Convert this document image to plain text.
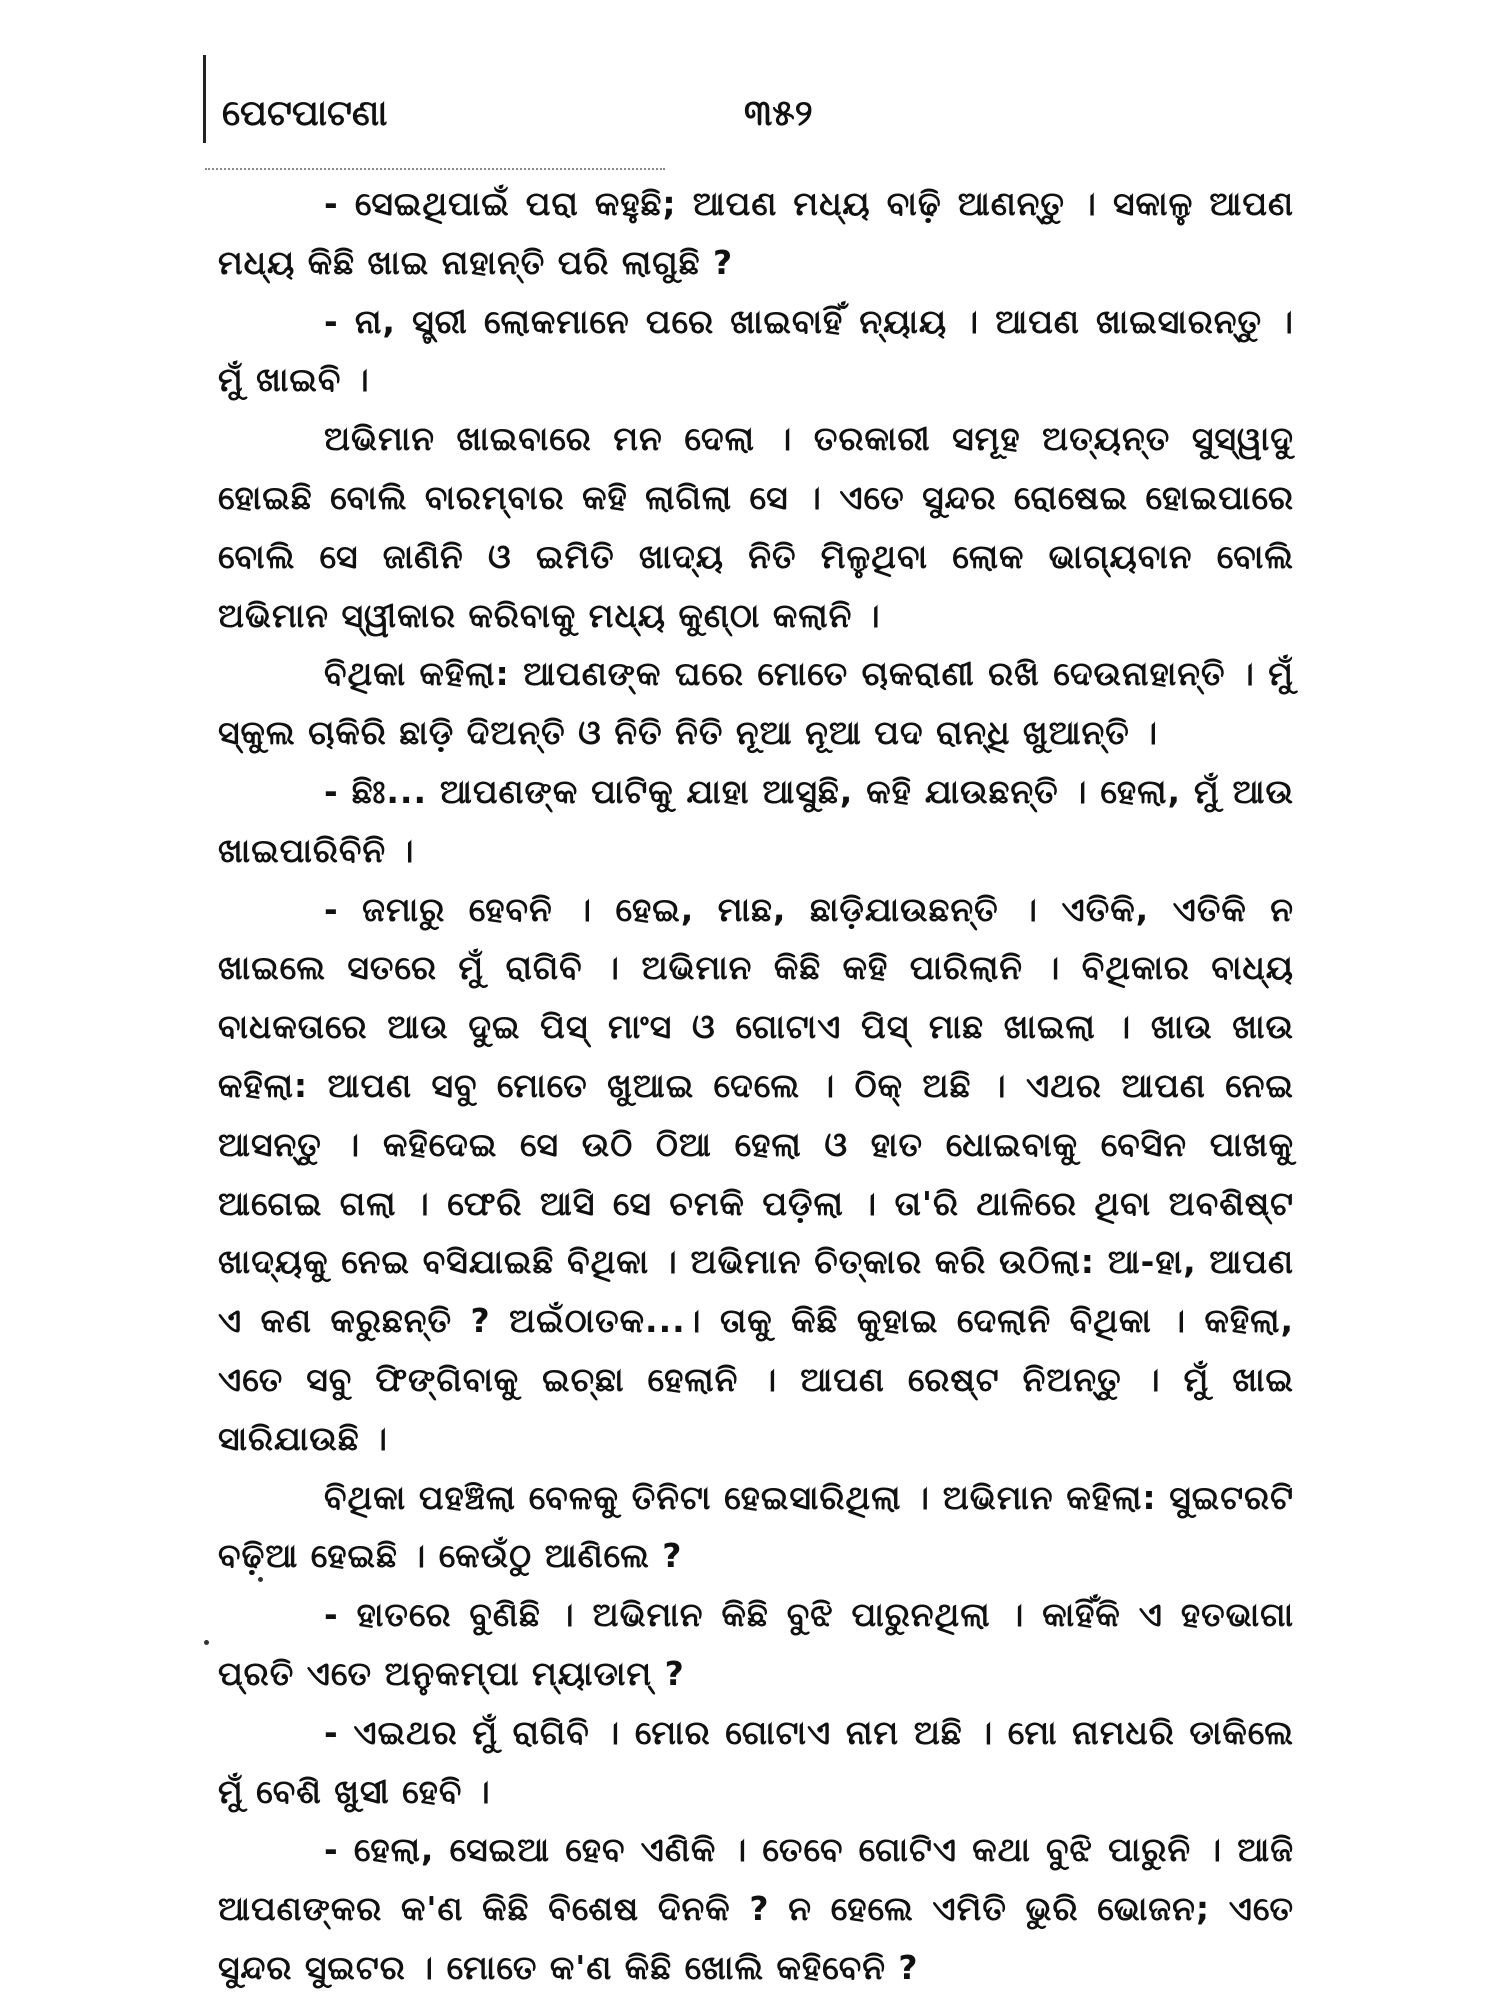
ପେଟପାଟଣା	୩୫୨

- ସେଇଥିପାଇଁ ପରା କହୁଛି; ଆପଣ ମଧ୍ୟ ବାଢ଼ି ଆଣନ୍ତୁ । ସକାଳୁ ଆପଣ ମଧ୍ୟ କିଛି ଖାଇ ନାହାନ୍ତି ପରି ଲାଗୁଛି ?

- ନା, ସ୍ତ୍ରୀ ଲୋକମାନେ ପରେ ଖାଇବାହିଁ ନ୍ୟାୟ । ଆପଣ ଖାଇସାରନ୍ତୁ । ମୁଁ ଖାଇବି ।

ଅଭିମାନ ଖାଇବାରେ ମନ ଦେଲା । ତରକାରୀ ସମୂହ ଅତ୍ୟନ୍ତ ସୁସ୍ୱାଦୁ ହୋଇଛି ବୋଲି ବାରମ୍ବାର କହି ଲାଗିଲା ସେ । ଏତେ ସୁନ୍ଦର ରୋଷେଇ ହୋଇପାରେ ବୋଲି ସେ ଜାଣିନି ଓ ଇମିତି ଖାଦ୍ୟ ନିତି ମିଳୁଥିବା ଲୋକ ଭାଗ୍ୟବାନ ବୋଲି ଅଭିମାନ ସ୍ୱୀକାର କରିବାକୁ ମଧ୍ୟ କୁଣ୍ଠା କଲାନି ।

ବିଥିକା କହିଲା: ଆପଣଙ୍କ ଘରେ ମୋତେ ଚାକରାଣୀ ରଖି ଦେଉନାହାନ୍ତି । ମୁଁ ସ୍କୁଲ ଚାକିରି ଛାଡ଼ି ଦିଅନ୍ତି ଓ ନିତି ନିତି ନୂଆ ନୂଆ ପଦ ରାନ୍ଧି ଖୁଆନ୍ତି ।

- ଛିଃ... ଆପଣଙ୍କ ପାଟିକୁ ଯାହା ଆସୁଛି, କହି ଯାଉଛନ୍ତି । ହେଲା, ମୁଁ ଆଉ ଖାଇପାରିବିନି ।

- ଜମାରୁ ହେବନି । ହେଇ, ମାଛ, ଛାଡ଼ିଯାଉଛନ୍ତି । ଏତିକି, ଏତିକି ନ ଖାଇଲେ ସତରେ ମୁଁ ରାଗିବି । ଅଭିମାନ କିଛି କହି ପାରିଲାନି । ବିଥିକାର ବାଧ୍ୟ ବାଧକତାରେ ଆଉ ଦୁଇ ପିସ୍ ମାଂସ ଓ ଗୋଟାଏ ପିସ୍ ମାଛ ଖାଇଲା । ଖାଉ ଖାଉ କହିଲା: ଆପଣ ସବୁ ମୋତେ ଖୁଆଇ ଦେଲେ । ଠିକ୍ ଅଛି । ଏଥର ଆପଣ ନେଇ ଆସନ୍ତୁ । କହିଦେଇ ସେ ଉଠି ଠିଆ ହେଲା ଓ ହାତ ଧୋଇବାକୁ ବେସିନ ପାଖକୁ ଆଗେଇ ଗଲା । ଫେରି ଆସି ସେ ଚମକି ପଡ଼ିଲା । ତା'ରି ଥାଳିରେ ଥିବା ଅବଶିଷ୍ଟ ଖାଦ୍ୟକୁ ନେଇ ବସିଯାଇଛି ବିଥିକା । ଅଭିମାନ ଚିତ୍କାର କରି ଉଠିଲା: ଆ-ହା, ଆପଣ ଏ କଣ କରୁଛନ୍ତି ? ଅଇଁଠାତକ...। ତାକୁ କିଛି କୁହାଇ ଦେଲାନି ବିଥିକା । କହିଲା, ଏତେ ସବୁ ଫିଙ୍ଗିବାକୁ ଇଚ୍ଛା ହେଲାନି । ଆପଣ ରେଷ୍ଟ ନିଅନ୍ତୁ । ମୁଁ ଖାଇ ସାରିଯାଉଛି ।

ବିଥିକା ପହଞ୍ଚିଲା ବେଳକୁ ତିନିଟା ହେଇସାରିଥିଲା । ଅଭିମାନ କହିଲା: ସୁଇଟରଟି ବଢ଼ିଆ ହେଇଛି । କେଉଁଠୁ ଆଣିଲେ ?

- ହାତରେ ବୁଣିଛି । ଅଭିମାନ କିଛି ବୁଝି ପାରୁନଥିଲା । କାହିଁକି ଏ ହତଭାଗା ପ୍ରତି ଏତେ ଅନୁକମ୍ପା ମ୍ୟାଡାମ୍ ?

- ଏଇଥର ମୁଁ ରାଗିବି । ମୋର ଗୋଟାଏ ନାମ ଅଛି । ମୋ ନାମଧରି ଡାକିଲେ ମୁଁ ବେଶି ଖୁସୀ ହେବି ।

- ହେଲା, ସେଇଆ ହେବ ଏଣିକି । ତେବେ ଗୋଟିଏ କଥା ବୁଝି ପାରୁନି । ଆଜି ଆପଣଙ୍କର କ'ଣ କିଛି ବିଶେଷ ଦିନକି ? ନ ହେଲେ ଏମିତି ଭୁରି ଭୋଜନ; ଏତେ ସୁନ୍ଦର ସୁଇଟର । ମୋତେ କ'ଣ କିଛି ଖୋଲି କହିବେନି ?
